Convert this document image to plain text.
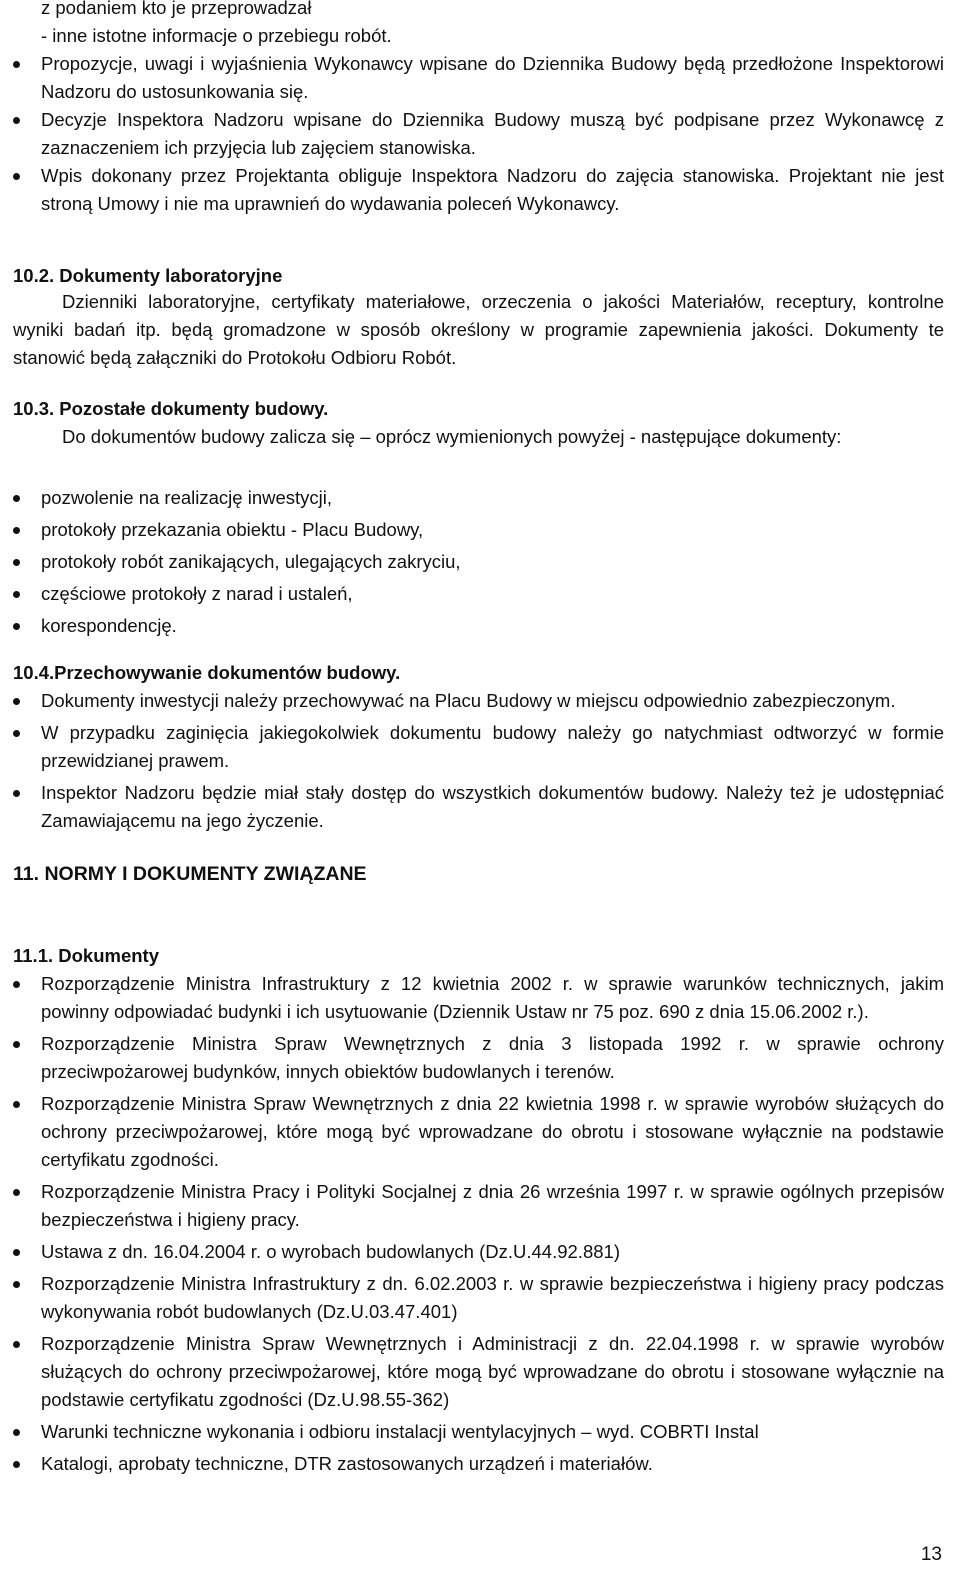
z podaniem kto je przeprowadzał
- inne istotne informacje o przebiegu robót.
Propozycje, uwagi i wyjaśnienia Wykonawcy wpisane do Dziennika Budowy będą przedłożone Inspektorowi Nadzoru do ustosunkowania się.
Decyzje Inspektora Nadzoru wpisane do Dziennika Budowy muszą być podpisane przez Wykonawcę z zaznaczeniem ich przyjęcia lub zajęciem stanowiska.
Wpis dokonany przez Projektanta obliguje Inspektora Nadzoru do zajęcia stanowiska. Projektant nie jest stroną Umowy i nie ma uprawnień do wydawania poleceń Wykonawcy.
10.2. Dokumenty laboratoryjne
Dzienniki laboratoryjne, certyfikaty materiałowe, orzeczenia o jakości Materiałów, receptury, kontrolne wyniki badań itp. będą gromadzone w sposób określony w programie zapewnienia jakości. Dokumenty te stanowić będą załączniki do Protokołu Odbioru Robót.
10.3. Pozostałe dokumenty budowy.
Do dokumentów budowy zalicza się – oprócz wymienionych powyżej - następujące dokumenty:
pozwolenie na realizację inwestycji,
protokoły przekazania obiektu - Placu Budowy,
protokoły robót zanikających, ulegających zakryciu,
częściowe protokoły z narad i ustaleń,
korespondencję.
10.4.Przechowywanie dokumentów budowy.
Dokumenty inwestycji należy przechowywać na Placu Budowy w miejscu odpowiednio zabezpieczonym.
W przypadku zaginięcia jakiegokolwiek dokumentu budowy należy go natychmiast odtworzyć w formie przewidzianej prawem.
Inspektor Nadzoru będzie miał stały dostęp do wszystkich dokumentów budowy. Należy też je udostępniać Zamawiającemu na jego życzenie.
11. NORMY I DOKUMENTY ZWIĄZANE
11.1. Dokumenty
Rozporządzenie Ministra Infrastruktury z 12 kwietnia 2002 r. w sprawie warunków technicznych, jakim powinny odpowiadać budynki i ich usytuowanie (Dziennik Ustaw nr 75 poz. 690 z dnia 15.06.2002 r.).
Rozporządzenie Ministra Spraw Wewnętrznych z dnia 3 listopada 1992 r. w sprawie ochrony przeciwpożarowej budynków, innych obiektów budowlanych i terenów.
Rozporządzenie Ministra Spraw Wewnętrznych z dnia 22 kwietnia 1998 r. w sprawie wyrobów służących do ochrony przeciwpożarowej, które mogą być wprowadzane do obrotu i stosowane wyłącznie na podstawie certyfikatu zgodności.
Rozporządzenie Ministra Pracy i Polityki Socjalnej z dnia 26 września 1997 r. w sprawie ogólnych przepisów bezpieczeństwa i higieny pracy.
Ustawa z dn. 16.04.2004 r. o wyrobach budowlanych (Dz.U.44.92.881)
Rozporządzenie Ministra Infrastruktury z dn. 6.02.2003 r. w sprawie bezpieczeństwa i higieny pracy podczas wykonywania robót budowlanych (Dz.U.03.47.401)
Rozporządzenie Ministra Spraw Wewnętrznych i Administracji z dn. 22.04.1998 r. w sprawie wyrobów służących do ochrony przeciwpożarowej, które mogą być wprowadzane do obrotu i stosowane wyłącznie na podstawie certyfikatu zgodności (Dz.U.98.55-362)
Warunki techniczne wykonania i odbioru instalacji wentylacyjnych – wyd. COBRTI Instal
Katalogi, aprobaty techniczne, DTR zastosowanych urządzeń i materiałów.
13
